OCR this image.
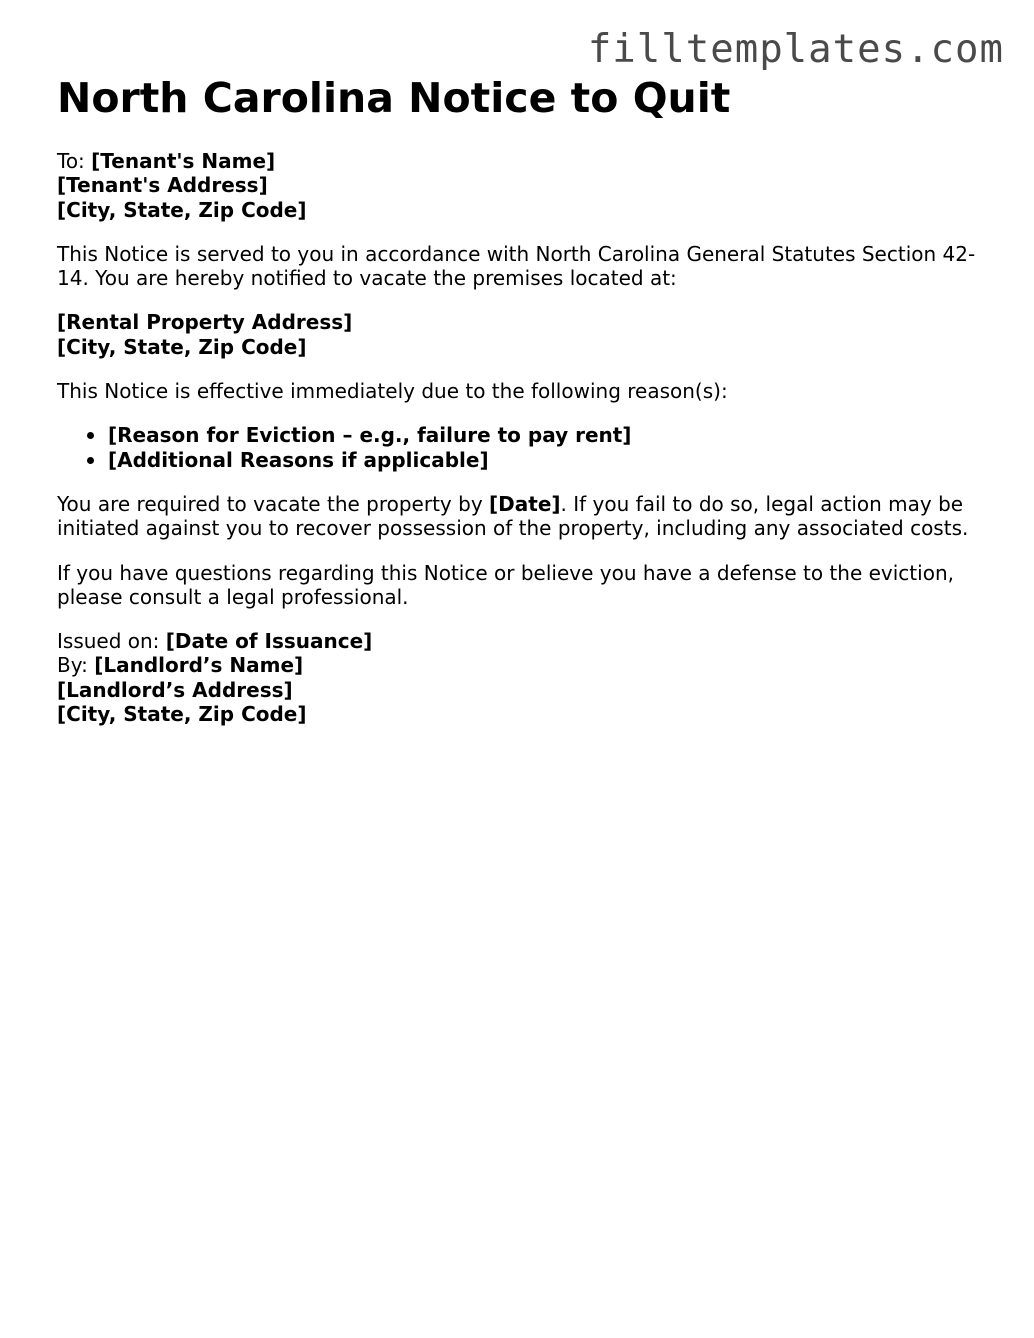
filltemplates.com
North Carolina Notice to Quit

To: [Tenant's Name]
[Tenant's Address]
[City, State, Zip Code]

This Notice is served to you in accordance with North Carolina General Statutes Section 42-14. You are hereby notified to vacate the premises located at:

[Rental Property Address]
[City, State, Zip Code]

This Notice is effective immediately due to the following reason(s):

[Reason for Eviction – e.g., failure to pay rent]
[Additional Reasons if applicable]

You are required to vacate the property by [Date]. If you fail to do so, legal action may be initiated against you to recover possession of the property, including any associated costs.

If you have questions regarding this Notice or believe you have a defense to the eviction, please consult a legal professional.

Issued on: [Date of Issuance]
By: [Landlord’s Name]
[Landlord’s Address]
[City, State, Zip Code]
